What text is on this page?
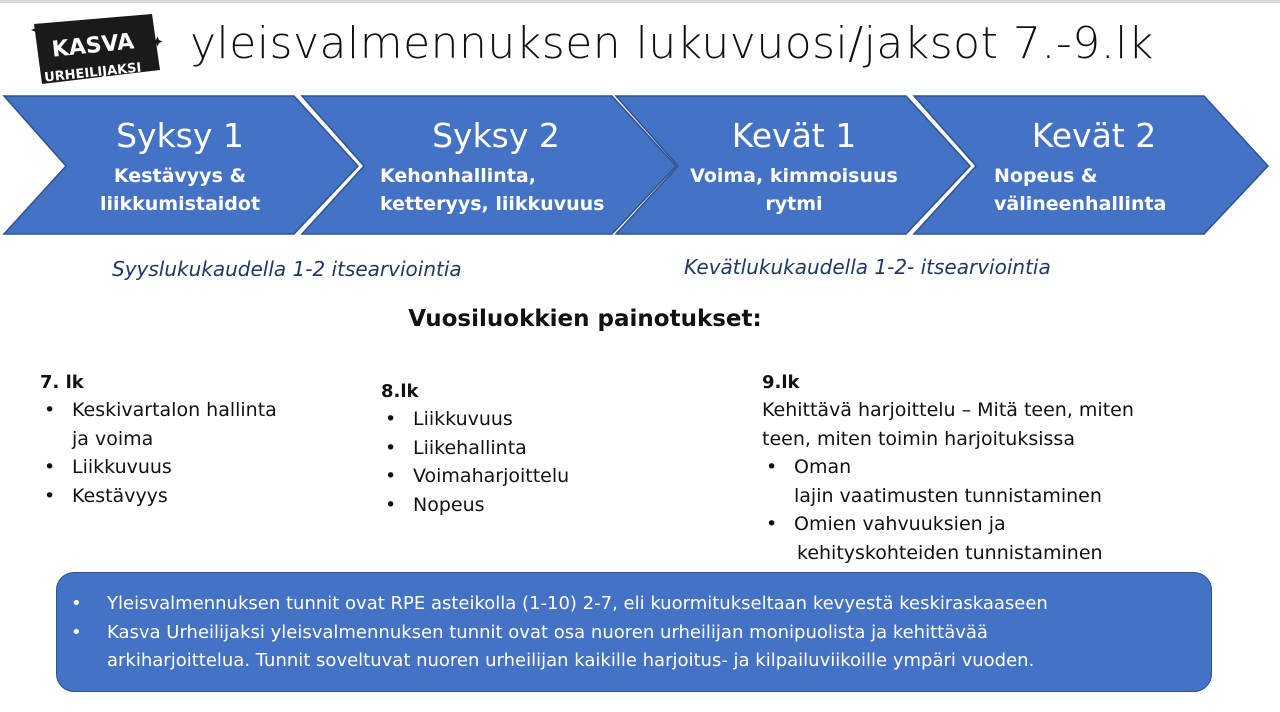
KASVA
URHEILIJAKSI
yleisvalmennuksen lukuvuosi/jaksot 7.-9.lk
Syksy 1
Kestävyys &
liikkumistaidot
Syksy 2
Kehonhallinta,
ketteryys, liikkuvuus
Kevät 1
Voima, kimmoisuus
rytmi
Kevät 2
Nopeus &
välineenhallinta
Syyslukukaudella 1-2 itsearviointia	Kevätlukukaudella 1-2- itsearviointia
Vuosiluokkien painotukset:
7. lk
• Keskivartalon hallinta
ja voima
• Liikkuvuus
• Kestävyys
8.lk
• Liikkuvuus
• Liikehallinta
• Voimaharjoittelu
• Nopeus
9.lk

Kehittävä harjoittelu – Mitä teen, miten
teen, miten toimin harjoituksissa

• Oman
lajin vaatimusten tunnistaminen
• Omien vahvuuksien ja
kehityskohteiden tunnistaminen
• Yleisvalmennuksen tunnit ovat RPE asteikolla (1-10) 2-7, eli kuormitukseltaan kevyestä keskiraskaaseen
• Kasva Urheilijaksi yleisvalmennuksen tunnit ovat osa nuoren urheilijan monipuolista ja kehittävää
arkiharjoittelua. Tunnit soveltuvat nuoren urheilijan kaikille harjoitus- ja kilpailuviikoille ympäri vuoden.
